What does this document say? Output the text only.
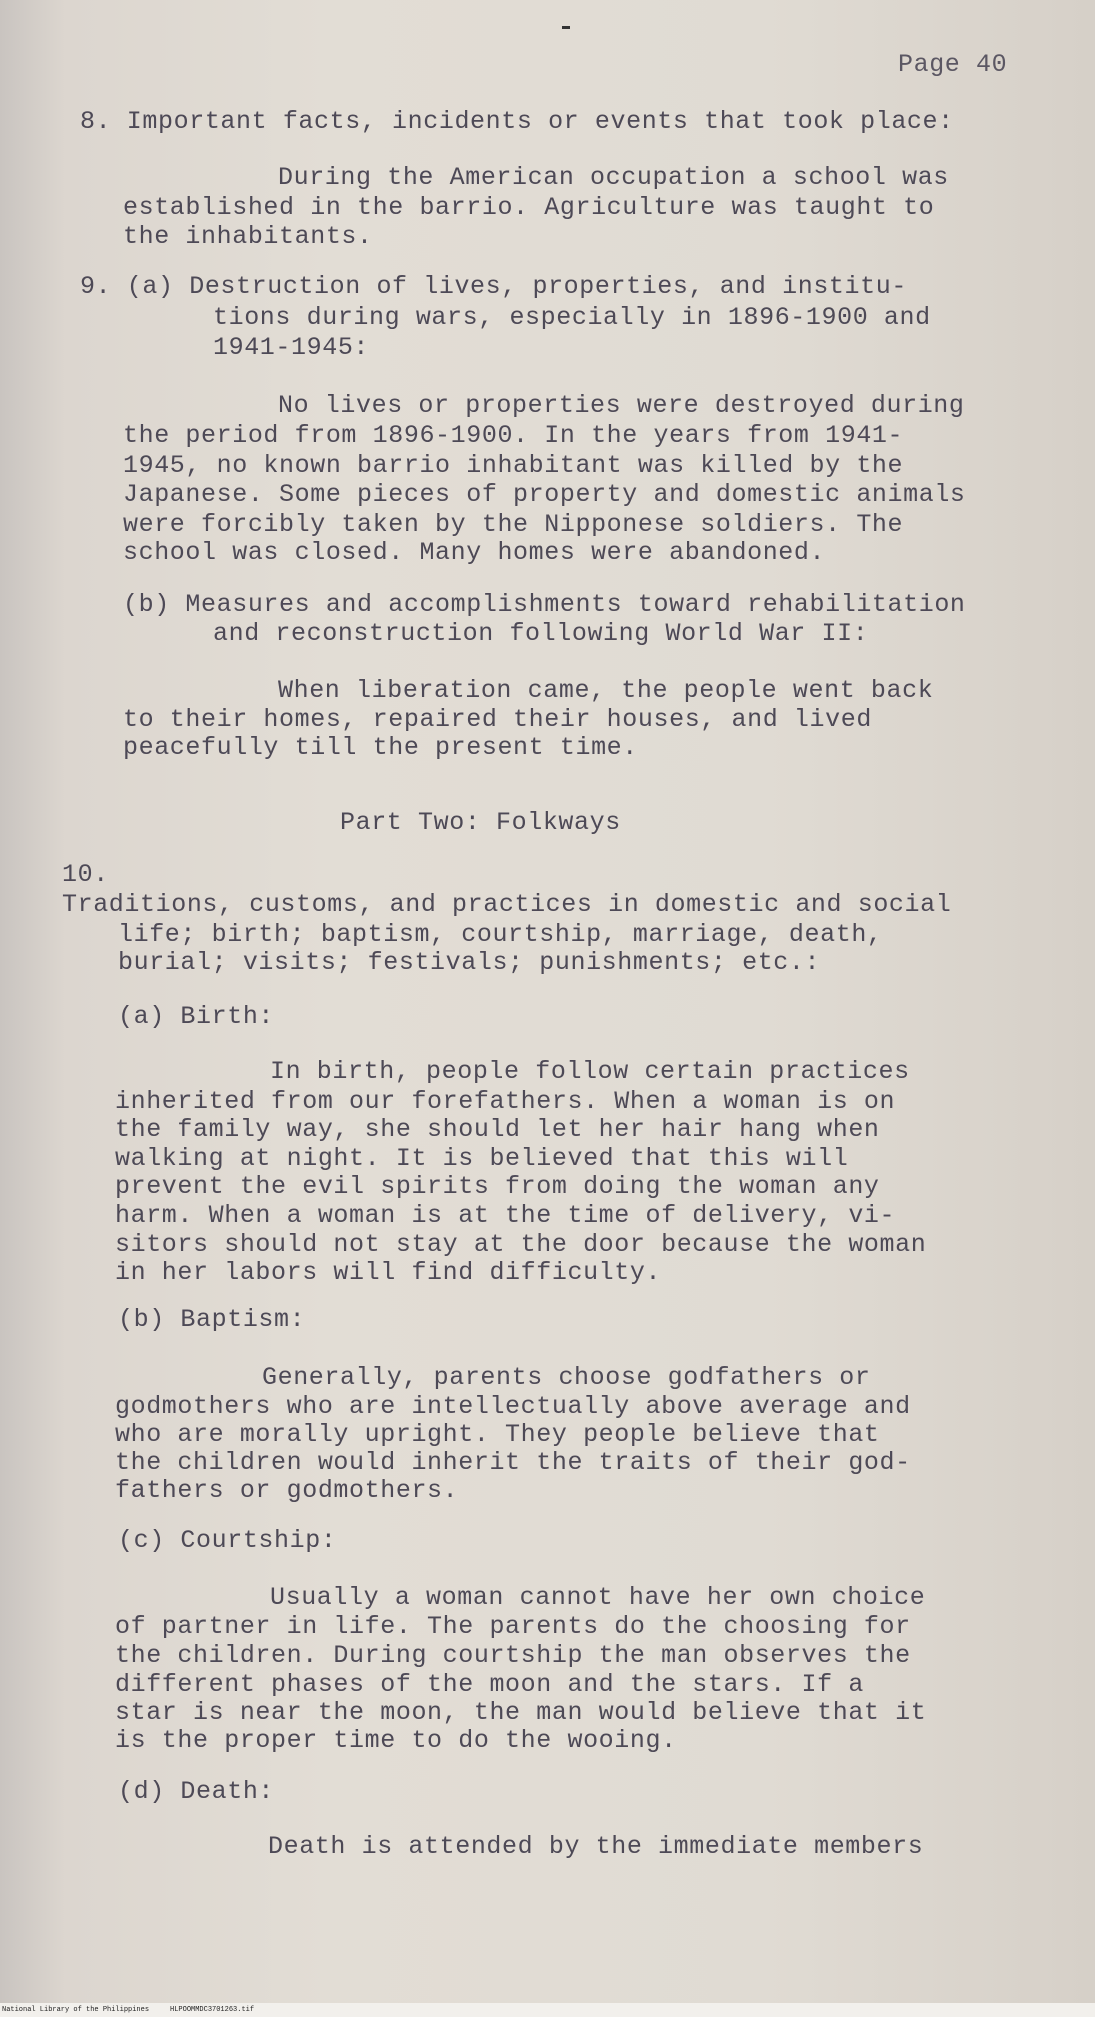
Page 40
8. Important facts, incidents or events that took place:
During the American occupation a school was
established in the barrio. Agriculture was taught to
the inhabitants.
9. (a) Destruction of lives, properties, and institu-
tions during wars, especially in 1896-1900 and
1941-1945:
No lives or properties were destroyed during
the period from 1896-1900. In the years from 1941-
1945, no known barrio inhabitant was killed by the
Japanese. Some pieces of property and domestic animals
were forcibly taken by the Nipponese soldiers. The
school was closed. Many homes were abandoned.
(b) Measures and accomplishments toward rehabilitation
and reconstruction following World War II:
When liberation came, the people went back
to their homes, repaired their houses, and lived
peacefully till the present time.
Part Two: Folkways
10.
Traditions, customs, and practices in domestic and social
life; birth; baptism, courtship, marriage, death,
burial; visits; festivals; punishments; etc.:
(a) Birth:
In birth, people follow certain practices
inherited from our forefathers. When a woman is on
the family way, she should let her hair hang when
walking at night. It is believed that this will
prevent the evil spirits from doing the woman any
harm. When a woman is at the time of delivery, vi-
sitors should not stay at the door because the woman
in her labors will find difficulty.
(b) Baptism:
Generally, parents choose godfathers or
godmothers who are intellectually above average and
who are morally upright. They people believe that
the children would inherit the traits of their god-
fathers or godmothers.
(c) Courtship:
Usually a woman cannot have her own choice
of partner in life. The parents do the choosing for
the children. During courtship the man observes the
different phases of the moon and the stars. If a
star is near the moon, the man would believe that it
is the proper time to do the wooing.
(d) Death:
Death is attended by the immediate members
National Library of the Philippines     HLPOOMMDC3701263.tif
